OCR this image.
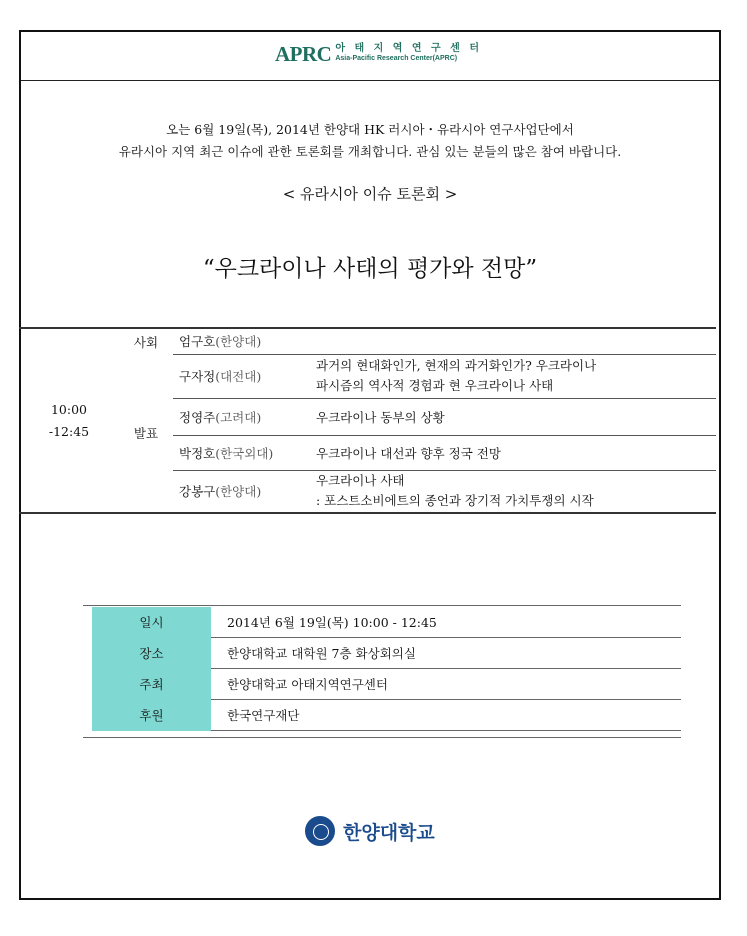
APRC 아 태 지 역 연 구 센 터
Asia-Pacific Research Center(APRC)
오는 6월 19일(목), 2014년 한양대 HK 러시아・유라시아 연구사업단에서
유라시아 지역 최근 이슈에 관한 토론회를 개최합니다. 관심 있는 분들의 많은 참여 바랍니다.
< 유라시아 이슈 토론회 >
“우크라이나 사태의 평가와 전망”
10:00
-12:45	사회	엄구호(한양대)	
	발표	구자정(대전대)	과거의 현대화인가, 현재의 과거화인가? 우크라이나
파시즘의 역사적 경험과 현 우크라이나 사태

		정영주(고려대)	우크라이나 동부의 상황
		박정호(한국외대)	우크라이나 대선과 향후 정국 전망
		강봉구(한양대)	우크라이나 사태
: 포스트소비에트의 종언과 장기적 가치투쟁의 시작
	일시	2014년 6월 19일(목) 10:00 - 12:45
	장소	한양대학교 대학원 7층 화상회의실
	주최	한양대학교 아태지역연구센터
	후원	한국연구재단
한양대학교
